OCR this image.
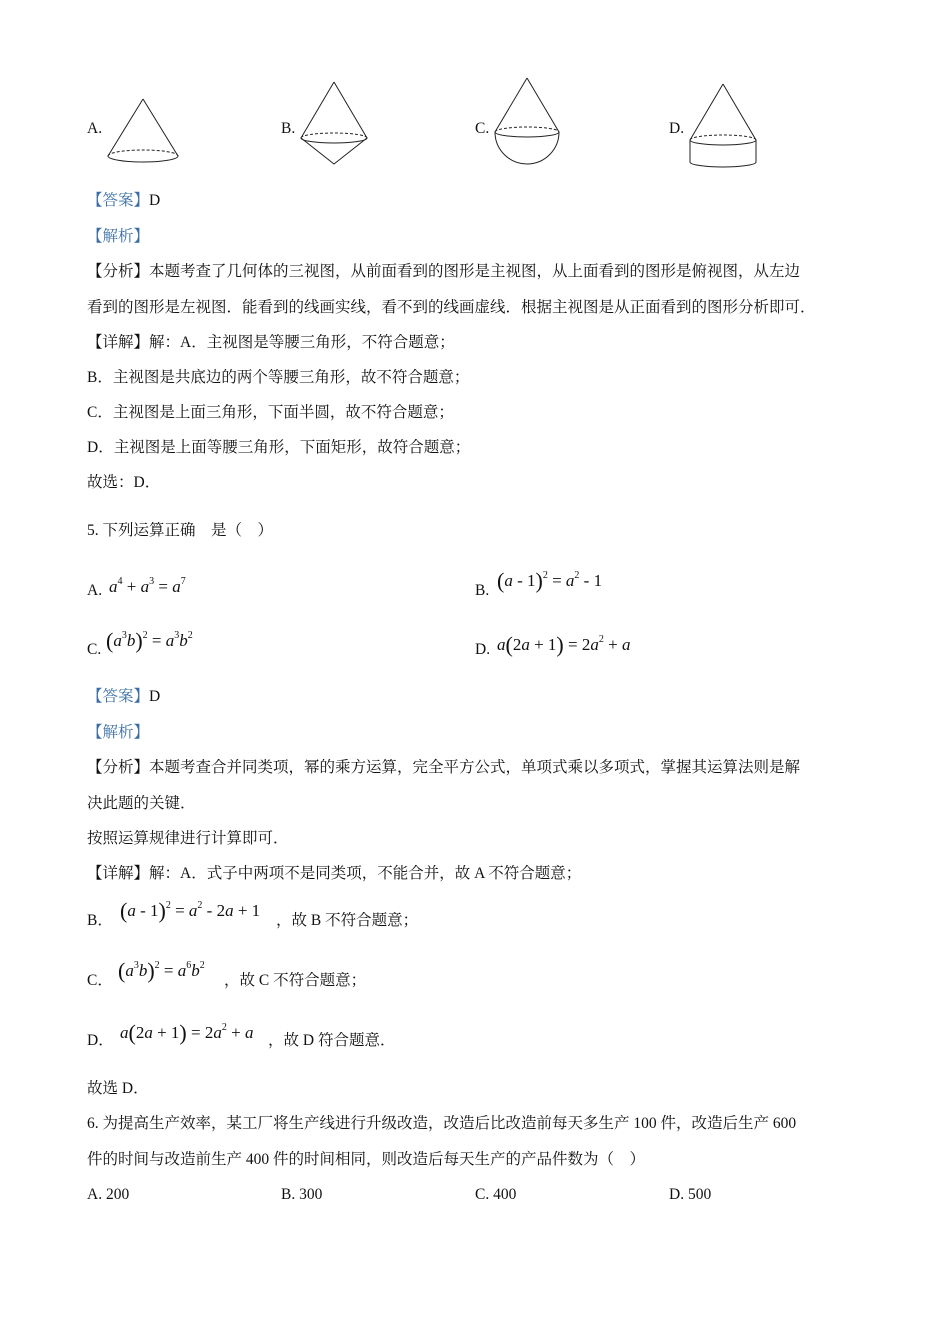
A.	B.	C.	D.
【答案】D
【解析】
【分析】本题考查了几何体的三视图，从前面看到的图形是主视图，从上面看到的图形是俯视图，从左边
看到的图形是左视图．能看到的线画实线，看不到的线画虚线．根据主视图是从正面看到的图形分析即可．
【详解】解：A．主视图是等腰三角形，不符合题意；
B．主视图是共底边的两个等腰三角形，故不符合题意；
C．主视图是上面三角形，下面半圆，故不符合题意；
D．主视图是上面等腰三角形，下面矩形，故符合题意；
故选：D．
5. 下列运算正确　是（　）
A. $a^4 + a^3 = a^7$
B. $(a - 1)^2 = a^2 - 1$
C. $(a^3b)^2 = a^3b^2$
D. $a(2a + 1) = 2a^2 + a$
【答案】D
【解析】
【分析】本题考查合并同类项，幂的乘方运算，完全平方公式，单项式乘以多项式，掌握其运算法则是解
决此题的关键．
按照运算规律进行计算即可．
【详解】解：A．式子中两项不是同类项，不能合并，故 A 不符合题意；
B． $(a - 1)^2 = a^2 - 2a + 1$
，故 B 不符合题意；
C． $(a^3b)^2 = a^6b^2$
，故 C 不符合题意；
D． $a(2a + 1) = 2a^2 + a$ ，故 D 符合题意．
故选 D．
6. 为提高生产效率，某工厂将生产线进行升级改造，改造后比改造前每天多生产 100 件，改造后生产 600
件的时间与改造前生产 400 件的时间相同，则改造后每天生产的产品件数为（　）
A. 200	B. 300	C. 400	D. 500
